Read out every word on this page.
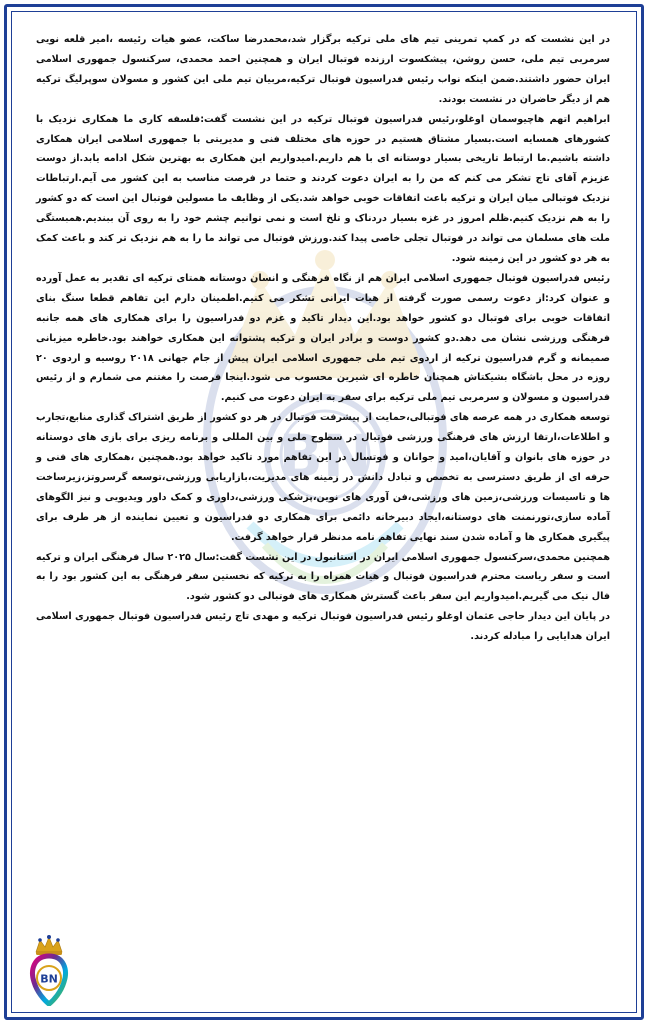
BN

در این نشست که در کمپ تمرینی تیم های ملی ترکیه برگزار شد،محمدرضا ساکت، عضو هیات رئیسه ،امیر قلعه نویی سرمربی تیم ملی، حسن روشن، پیشکسوت ارزنده فوتبال ایران و همچنین احمد محمدی، سرکنسول جمهوری اسلامی ایران حضور داشتند.ضمن اینکه نواب رئیس فدراسیون فوتبال ترکیه،مربیان تیم ملی این کشور و مسولان سوپرلیگ ترکیه هم از دیگر حاضران در نشست بودند.

ابراهیم اتهم هاچیوسمان اوغلو،رئیس فدراسیون فوتبال ترکیه در این نشست گفت:فلسفه کاری ما همکاری نزدیک با کشورهای همسایه است.بسیار مشتاق هستیم در حوزه های مختلف فنی و مدیریتی با جمهوری اسلامی ایران همکاری داشته باشیم.ما ارتباط تاریخی بسیار دوستانه ای با هم داریم.امیدواریم این همکاری به بهترین شکل ادامه یابد.از دوست عزیزم آقای تاج تشکر می کنم که من را به ایران دعوت کردند و حتما در فرصت مناسب به این کشور می آیم.ارتباطات نزدیک فوتبالی میان ایران و ترکیه باعث اتفاقات خوبی خواهد شد.یکی از وظایف ما مسولین فوتبال این است که دو کشور را به هم نزدیک کنیم.ظلم امروز در غزه بسیار دردناک و تلخ است و نمی توانیم چشم خود را به روی آن ببندیم.همبستگی ملت های مسلمان می تواند در فوتبال تجلی خاصی پیدا کند.ورزش فوتبال می تواند ما را به هم نزدیک تر کند و باعث کمک به هر دو کشور در این زمینه شود.

رئیس فدراسیون فوتبال جمهوری اسلامی ایران هم از نگاه فرهنگی و انسان دوستانه همتای ترکیه ای تقدیر به عمل آورده و عنوان کرد:از دعوت رسمی صورت گرفته از هیات ایرانی تشکر می کنیم.اطمینان دارم این تفاهم قطعا سنگ بنای اتفاقات خوبی برای فوتبال دو کشور خواهد بود.این دیدار تاکید و عزم دو فدراسیون را برای همکاری های همه جانبه فرهنگی ورزشی نشان می دهد.دو کشور دوست و برادر ایران و ترکیه پشتوانه این همکاری خواهند بود.خاطره میزبانی صمیمانه و گرم فدراسیون ترکیه از اردوی تیم ملی جمهوری اسلامی ایران پیش از جام جهانی ۲۰۱۸ روسیه و اردوی ۲۰ روزه در محل باشگاه بشیکتاش همچنان خاطره ای شیرین محسوب می شود.اینجا فرصت را مغتنم می شمارم و از رئیس فدراسیون و مسولان و سرمربی تیم ملی ترکیه برای سفر به ایران دعوت می کنیم.

توسعه همکاری در همه عرصه های فوتبالی،حمایت از پیشرفت فوتبال در هر دو کشور از طریق اشتراک گذاری منابع،تجارب و اطلاعات،ارتقا ارزش های فرهنگی ورزشی فوتبال در سطوح ملی و بین المللی و برنامه ریزی برای بازی های دوستانه در حوزه های بانوان و آقایان،امید و جوانان و فوتسال در این تفاهم مورد تاکید خواهد بود.همچنین ،همکاری های فنی و حرفه ای از طریق دسترسی به تخصص و تبادل دانش در زمینه های مدیریت،بازاریابی ورزشی،توسعه گرسروتز،زیرساخت ها و تاسیسات ورزشی،زمین های ورزشی،فن آوری های نوین،پزشکی ورزشی،داوری و کمک داور ویدیویی و نیز الگوهای آماده سازی،تورنمنت های دوستانه،ایجاد دبیرخانه دائمی برای همکاری دو فدراسیون و تعیین نماینده از هر طرف برای پیگیری همکاری ها و آماده شدن سند نهایی تفاهم نامه مدنظر قرار خواهد گرفت.

همچنین محمدی،سرکنسول جمهوری اسلامی ایران در استانبول در این نشست گفت:سال ۲۰۲۵ سال فرهنگی ایران و ترکیه است و سفر ریاست محترم فدراسیون فوتبال و هیات همراه را به ترکیه که نخستین سفر فرهنگی به این کشور بود را به فال نیک می گیریم.امیدواریم این سفر باعث گسترش همکاری های فوتبالی دو کشور شود.

در پایان این دیدار حاجی عثمان اوغلو رئیس فدراسیون فوتبال ترکیه و مهدی تاج رئیس فدراسیون فوتبال جمهوری اسلامی ایران هدایایی را مبادله کردند.

BN
